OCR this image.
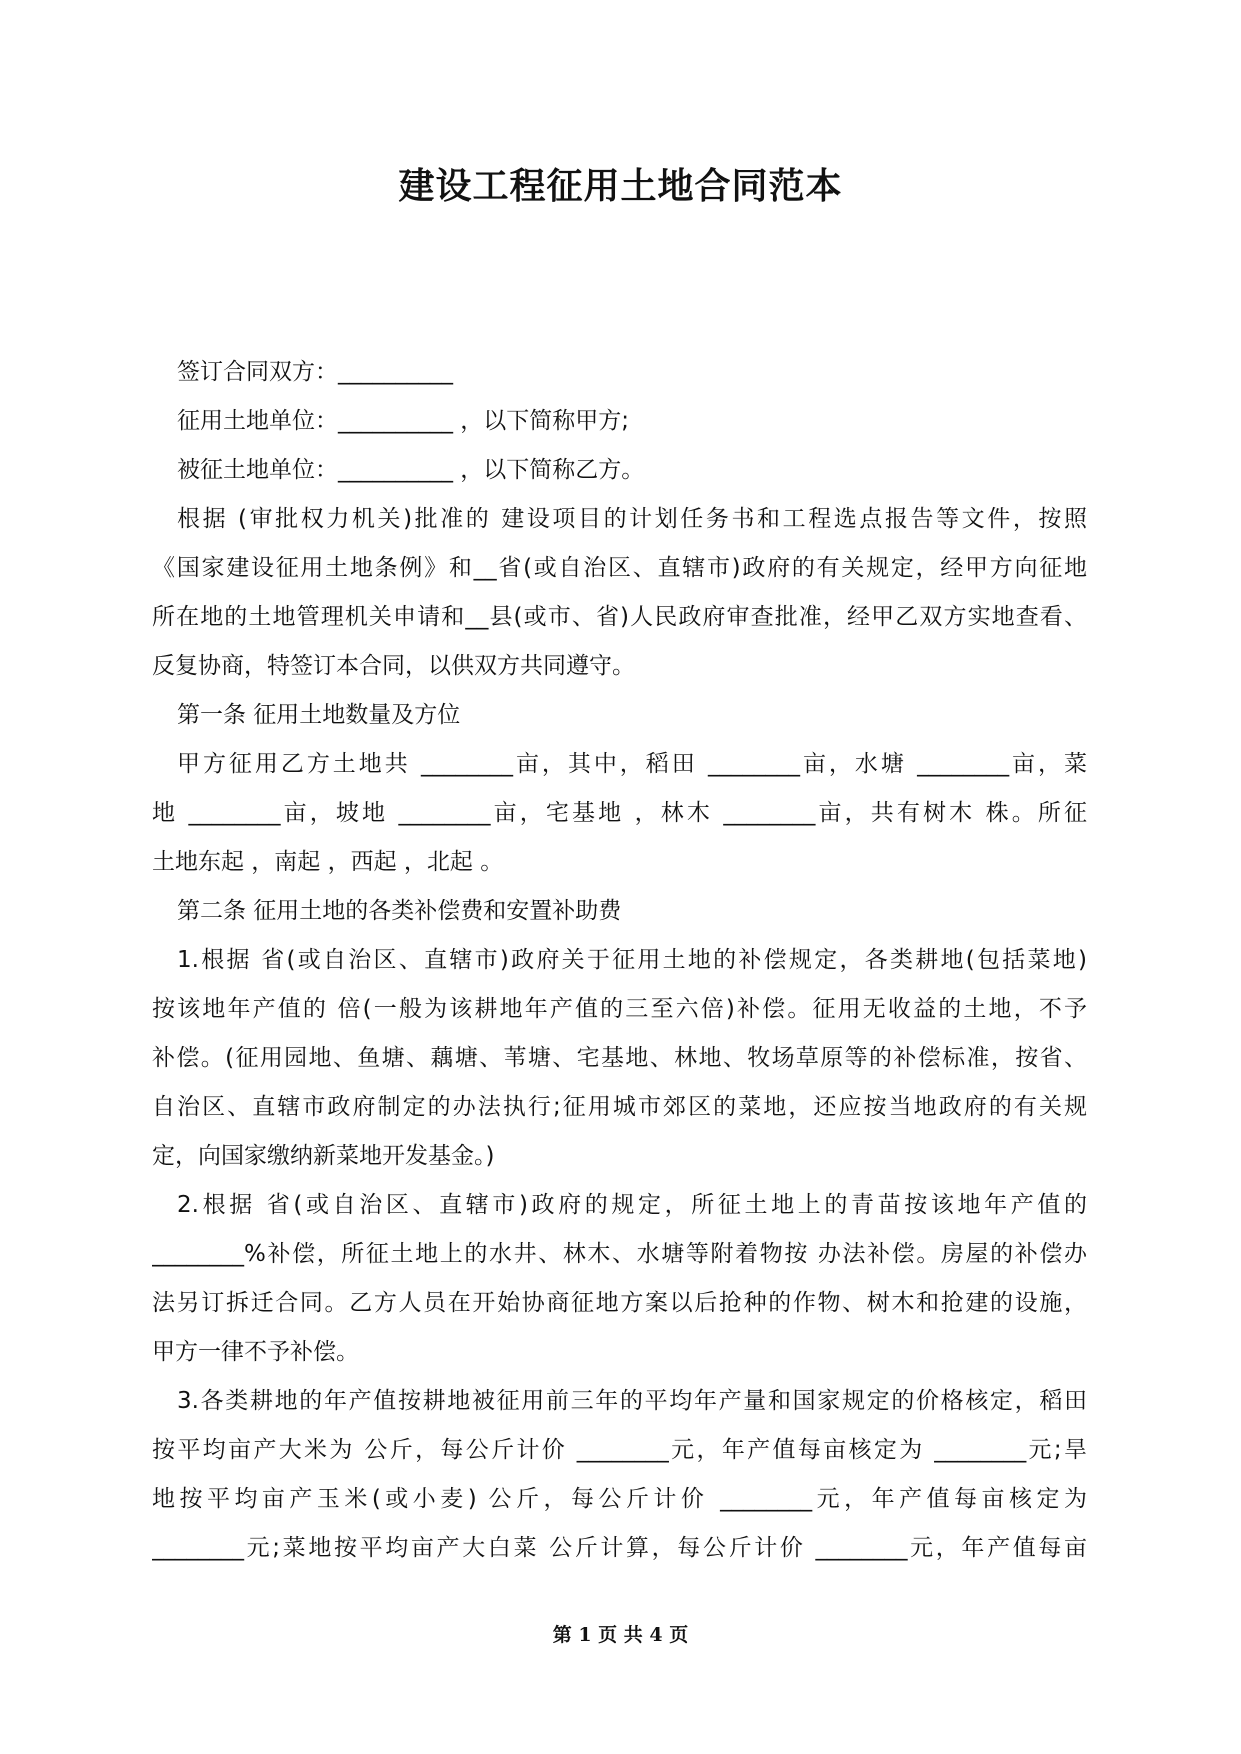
建设工程征用土地合同范本
签订合同双方：__________
征用土地单位：__________ ，以下简称甲方;
被征土地单位：__________ ，以下简称乙方。
根据 (审批权力机关)批准的 建设项目的计划任务书和工程选点报告等文件，按照
《国家建设征用土地条例》和__省(或自治区、直辖市)政府的有关规定，经甲方向征地
所在地的土地管理机关申请和__县(或市、省)人民政府审查批准，经甲乙双方实地查看、
反复协商，特签订本合同，以供双方共同遵守。
第一条 征用土地数量及方位
甲方征用乙方土地共 ________亩，其中，稻田 ________亩，水塘 ________亩，菜
地 ________亩，坡地 ________亩，宅基地 ，林木 ________亩，共有树木 株。所征
土地东起 ，南起 ，西起 ，北起 。
第二条 征用土地的各类补偿费和安置补助费
1.根据 省(或自治区、直辖市)政府关于征用土地的补偿规定，各类耕地(包括菜地)
按该地年产值的 倍(一般为该耕地年产值的三至六倍)补偿。征用无收益的土地，不予
补偿。(征用园地、鱼塘、藕塘、苇塘、宅基地、林地、牧场草原等的补偿标准，按省、
自治区、直辖市政府制定的办法执行;征用城市郊区的菜地，还应按当地政府的有关规
定，向国家缴纳新菜地开发基金。)
2.根据 省(或自治区、直辖市)政府的规定，所征土地上的青苗按该地年产值的
________%补偿，所征土地上的水井、林木、水塘等附着物按 办法补偿。房屋的补偿办
法另订拆迁合同。乙方人员在开始协商征地方案以后抢种的作物、树木和抢建的设施，
甲方一律不予补偿。
3.各类耕地的年产值按耕地被征用前三年的平均年产量和国家规定的价格核定，稻田
按平均亩产大米为 公斤，每公斤计价 ________元，年产值每亩核定为 ________元;旱
地按平均亩产玉米(或小麦) 公斤，每公斤计价 ________元，年产值每亩核定为
________元;菜地按平均亩产大白菜 公斤计算，每公斤计价 ________元，年产值每亩
第 1 页 共 4 页
